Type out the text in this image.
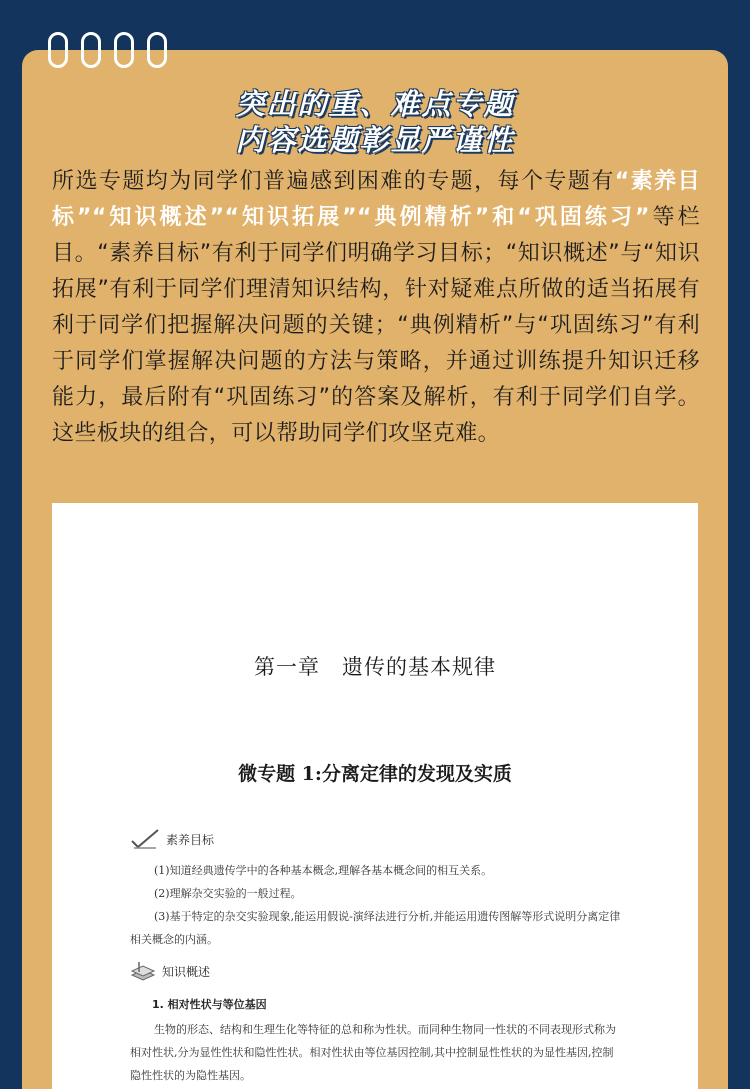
突出的重、难点专题
内容选题彰显严谨性
所选专题均为同学们普遍感到困难的专题，每个专题有“素养目标”“知识概述”“知识拓展”“典例精析”和“巩固练习”等栏目。“素养目标”有利于同学们明确学习目标；“知识概述”与“知识拓展”有利于同学们理清知识结构，针对疑难点所做的适当拓展有利于同学们把握解决问题的关键；“典例精析”与“巩固练习”有利于同学们掌握解决问题的方法与策略，并通过训练提升知识迁移能力，最后附有“巩固练习”的答案及解析，有利于同学们自学。这些板块的组合，可以帮助同学们攻坚克难。
第一章　遗传的基本规律
微专题 1:分离定律的发现及实质
素养目标

(1)知道经典遗传学中的各种基本概念,理解各基本概念间的相互关系。

(2)理解杂交实验的一般过程。

(3)基于特定的杂交实验现象,能运用假说-演绎法进行分析,并能运用遗传图解等形式说明分离定律相关概念的内涵。

知识概述
1. 相对性状与等位基因

生物的形态、结构和生理生化等特征的总和称为性状。而同种生物同一性状的不同表现形式称为相对性状,分为显性性状和隐性性状。相对性状由等位基因控制,其中控制显性性状的为显性基因,控制隐性性状的为隐性基因。
